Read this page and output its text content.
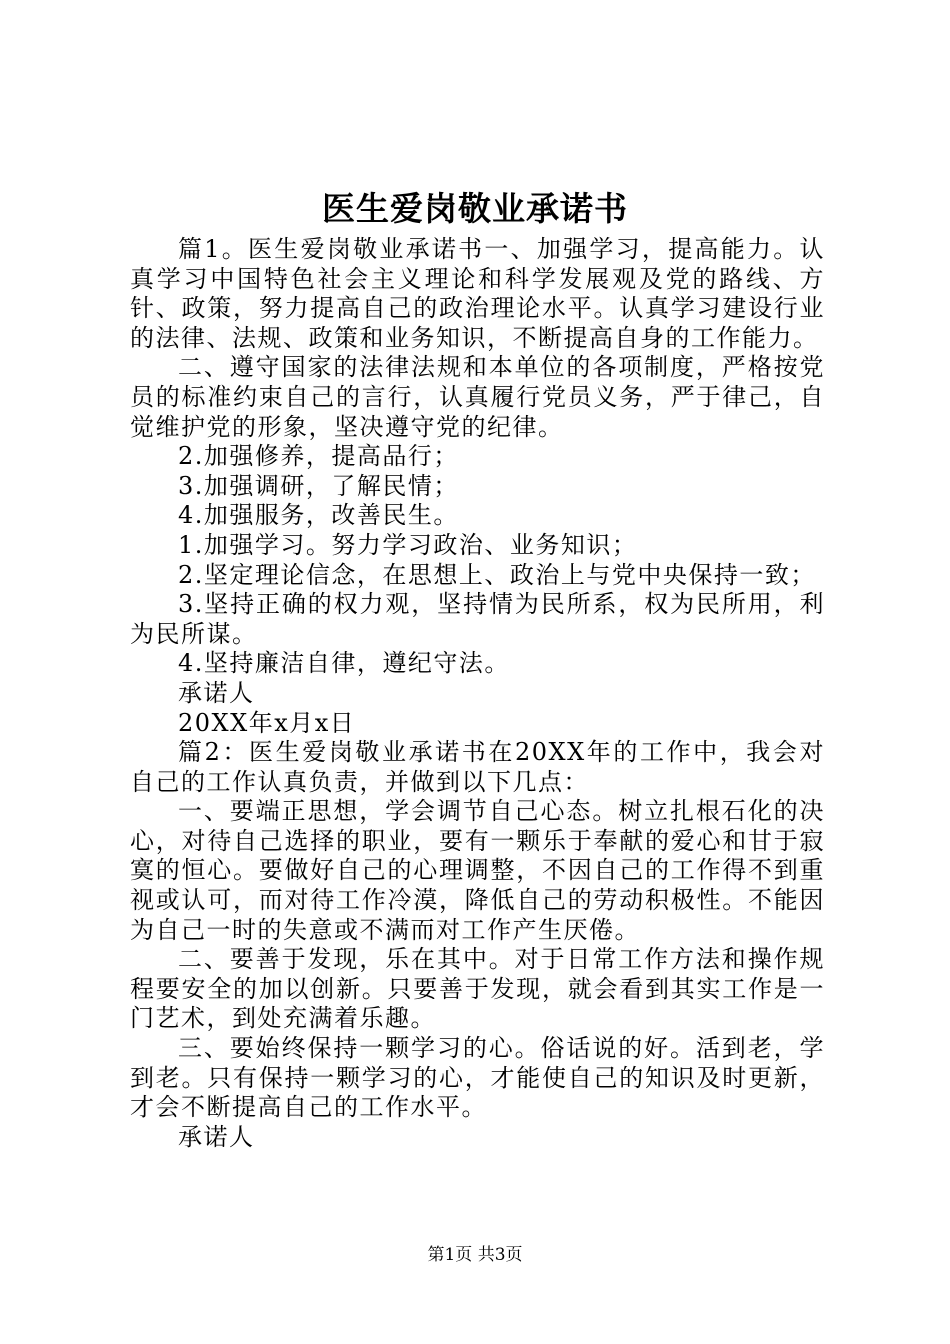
医生爱岗敬业承诺书

篇1。医生爱岗敬业承诺书一、加强学习，提高能力。认真学习中国特色社会主义理论和科学发展观及党的路线、方针、政策，努力提高自己的政治理论水平。认真学习建设行业的法律、法规、政策和业务知识，不断提高自身的工作能力。

二、遵守国家的法律法规和本单位的各项制度，严格按党员的标准约束自己的言行，认真履行党员义务，严于律己，自觉维护党的形象，坚决遵守党的纪律。

2.加强修养，提高品行；

3.加强调研，了解民情；

4.加强服务，改善民生。

1.加强学习。努力学习政治、业务知识；

2.坚定理论信念，在思想上、政治上与党中央保持一致；

3.坚持正确的权力观，坚持情为民所系，权为民所用，利为民所谋。

4.坚持廉洁自律，遵纪守法。

承诺人

20XX年x月x日

篇2：医生爱岗敬业承诺书在20XX年的工作中，我会对自己的工作认真负责，并做到以下几点：

一、要端正思想，学会调节自己心态。树立扎根石化的决心，对待自己选择的职业，要有一颗乐于奉献的爱心和甘于寂寞的恒心。要做好自己的心理调整，不因自己的工作得不到重视或认可，而对待工作冷漠，降低自己的劳动积极性。不能因为自己一时的失意或不满而对工作产生厌倦。

二、要善于发现，乐在其中。对于日常工作方法和操作规程要安全的加以创新。只要善于发现，就会看到其实工作是一门艺术，到处充满着乐趣。

三、要始终保持一颗学习的心。俗话说的好。活到老，学到老。只有保持一颗学习的心，才能使自己的知识及时更新，才会不断提高自己的工作水平。

承诺人

第1页 共3页
